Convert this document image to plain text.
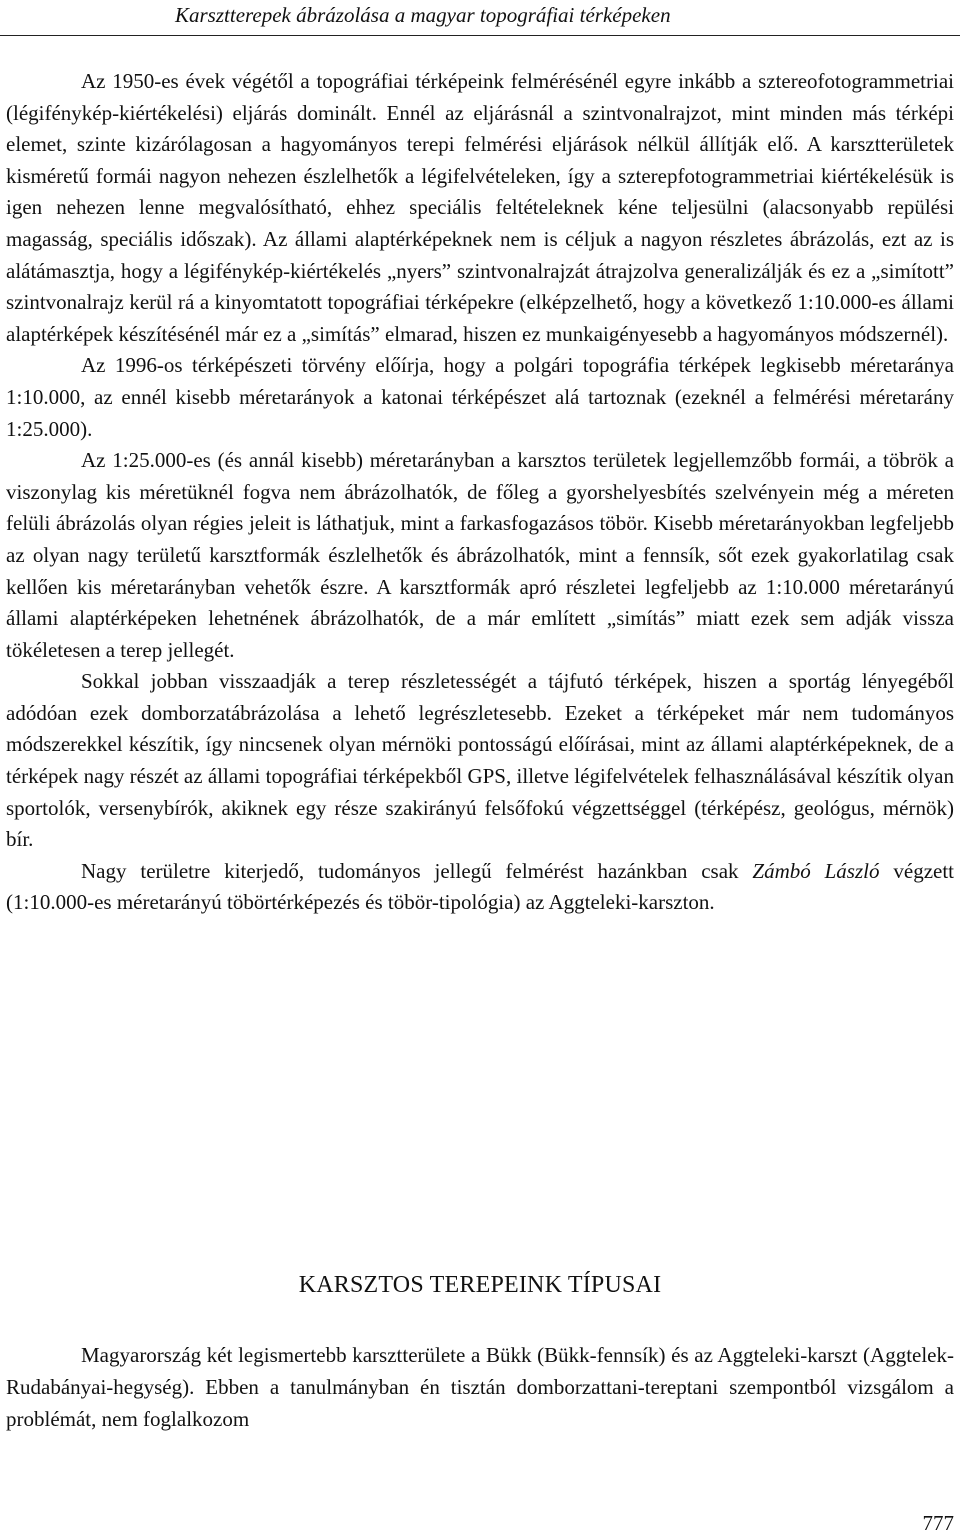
Karsztterepek ábrázolása a magyar topográfiai térképeken

Az 1950-es évek végétől a topográfiai térképeink felmérésénél egyre inkább a sztereofotogrammetriai (légifénykép-kiértékelési) eljárás dominált. Ennél az eljárásnál a szintvonalrajzot, mint minden más térképi elemet, szinte kizárólagosan a hagyományos terepi felmérési eljárások nélkül állítják elő. A karsztterületek kisméretű formái nagyon nehezen észlelhetők a légifelvételeken, így a szterepfotogrammetriai kiértékelésük is igen nehezen lenne megvalósítható, ehhez speciális feltételeknek kéne teljesülni (alacsonyabb repülési magasság, speciális időszak). Az állami alaptérképeknek nem is céljuk a nagyon részletes ábrázolás, ezt az is alátámasztja, hogy a légifénykép-kiértékelés „nyers” szintvonalrajzát átrajzolva generalizálják és ez a „simított” szintvonalrajz kerül rá a kinyomtatott topográfiai térképekre (elképzelhető, hogy a következő 1:10.000-es állami alaptérképek készítésénél már ez a „simítás” elmarad, hiszen ez munkaigényesebb a hagyományos módszernél).

Az 1996-os térképészeti törvény előírja, hogy a polgári topográfia térképek legkisebb méretaránya 1:10.000, az ennél kisebb méretarányok a katonai térképészet alá tartoznak (ezeknél a felmérési méretarány 1:25.000).

Az 1:25.000-es (és annál kisebb) méretarányban a karsztos területek legjellemzőbb formái, a töbrök a viszonylag kis méretüknél fogva nem ábrázolhatók, de főleg a gyorshelyesbítés szelvényein még a méreten felüli ábrázolás olyan régies jeleit is láthatjuk, mint a farkasfogazásos töbör. Kisebb méretarányokban legfeljebb az olyan nagy területű karsztformák észlelhetők és ábrázolhatók, mint a fennsík, sőt ezek gyakorlatilag csak kellően kis méretarányban vehetők észre. A karsztformák apró részletei legfeljebb az 1:10.000 méretarányú állami alaptérképeken lehetnének ábrázolhatók, de a már említett „simítás” miatt ezek sem adják vissza tökéletesen a terep jellegét.

Sokkal jobban visszaadják a terep részletességét a tájfutó térképek, hiszen a sportág lényegéből adódóan ezek domborzatábrázolása a lehető legrészletesebb. Ezeket a térképeket már nem tudományos módszerekkel készítik, így nincsenek olyan mérnöki pontosságú előírásai, mint az állami alaptérképeknek, de a térképek nagy részét az állami topográfiai térképekből GPS, illetve légifelvételek felhasználásával készítik olyan sportolók, versenybírók, akiknek egy része szakirányú felsőfokú végzettséggel (térképész, geológus, mérnök) bír.

Nagy területre kiterjedő, tudományos jellegű felmérést hazánkban csak Zámbó László végzett (1:10.000-es méretarányú töbörtérképezés és töbör-tipológia) az Aggteleki-karszton.

KARSZTOS TEREPEINK TÍPUSAI

Magyarország két legismertebb karsztterülete a Bükk (Bükk-fennsík) és az Aggteleki-karszt (Aggtelek-Rudabányai-hegység). Ebben a tanulmányban én tisztán domborzattani-tereptani szempontból vizsgálom a problémát, nem foglalkozom

777
